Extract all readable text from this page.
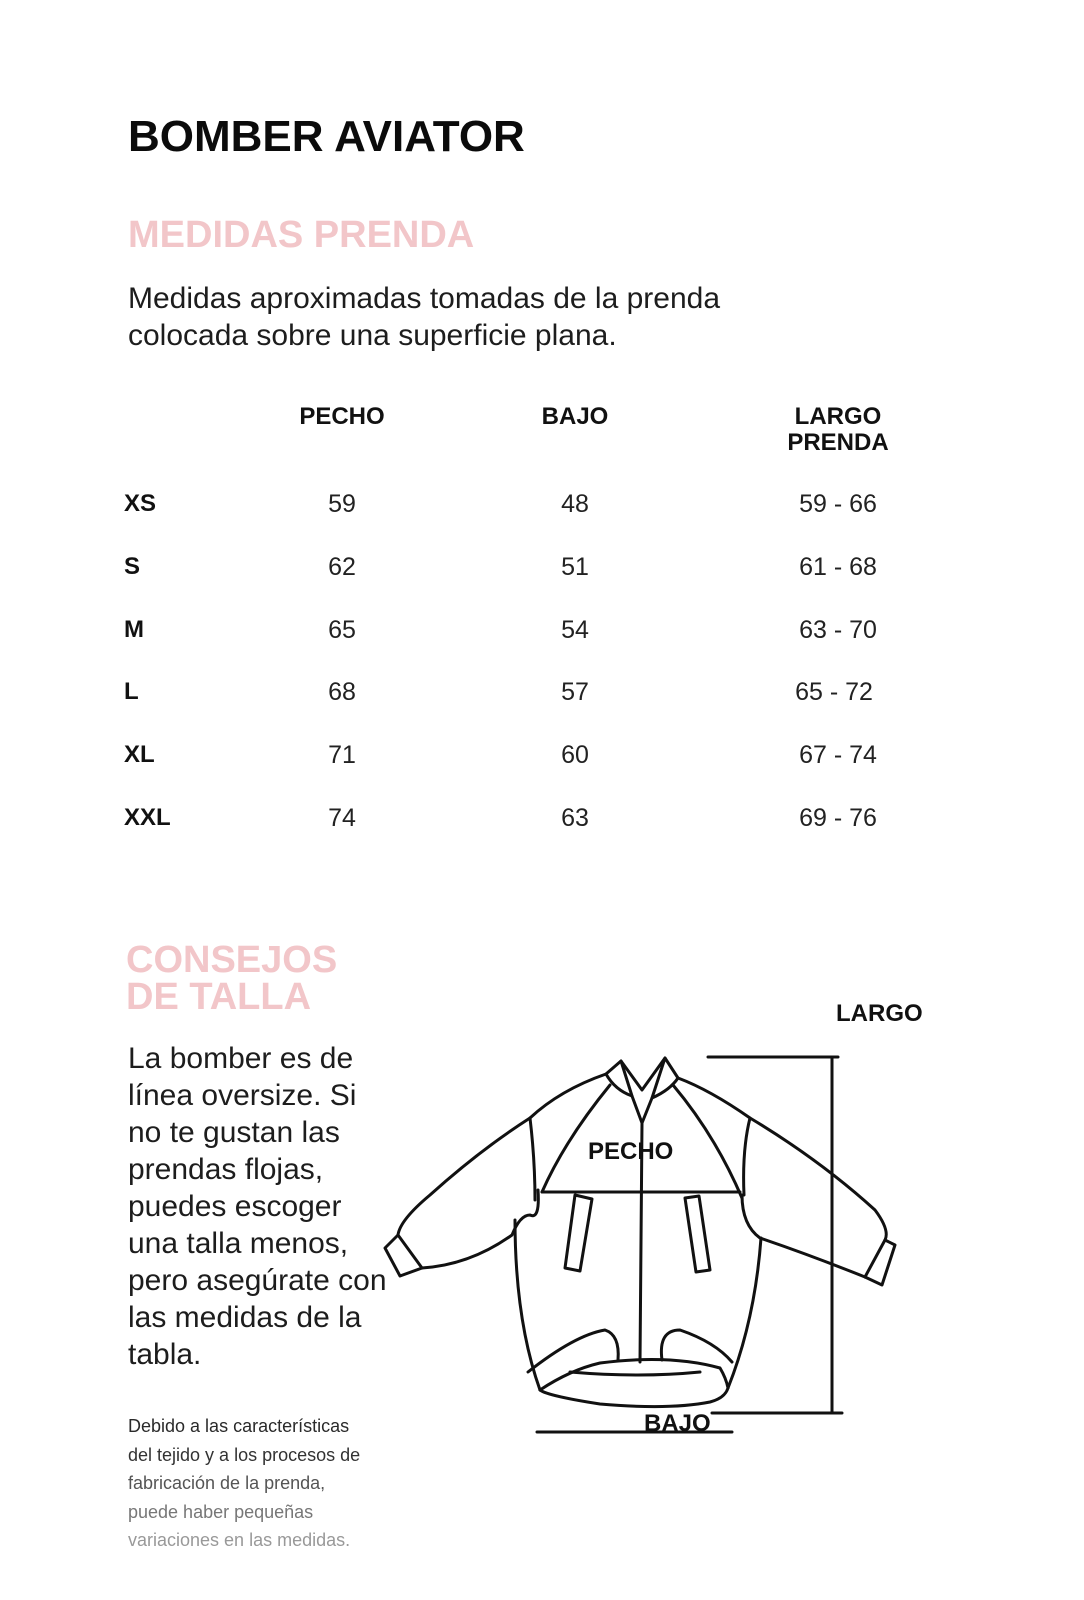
BOMBER AVIATOR
MEDIDAS PRENDA
Medidas aproximadas tomadas de la prenda colocada sobre una superficie plana.
PECHO	BAJO	LARGO
PRENDA
XS	59	48	59 - 66
S	62	51	61 - 68
M	65	54	63 - 70
L	68	57	65 - 72
XL	71	60	67 - 74
XXL	74	63	69 - 76
CONSEJOS
DE TALLA
La bomber es de línea oversize. Si no te gustan las prendas flojas, puedes escoger una talla menos, pero asegúrate con las medidas de la tabla.
Debido a las características
del tejido y a los procesos de
fabricación de la prenda,
puede haber pequeñas
variaciones en las medidas.
LARGO
PECHO
BAJO
